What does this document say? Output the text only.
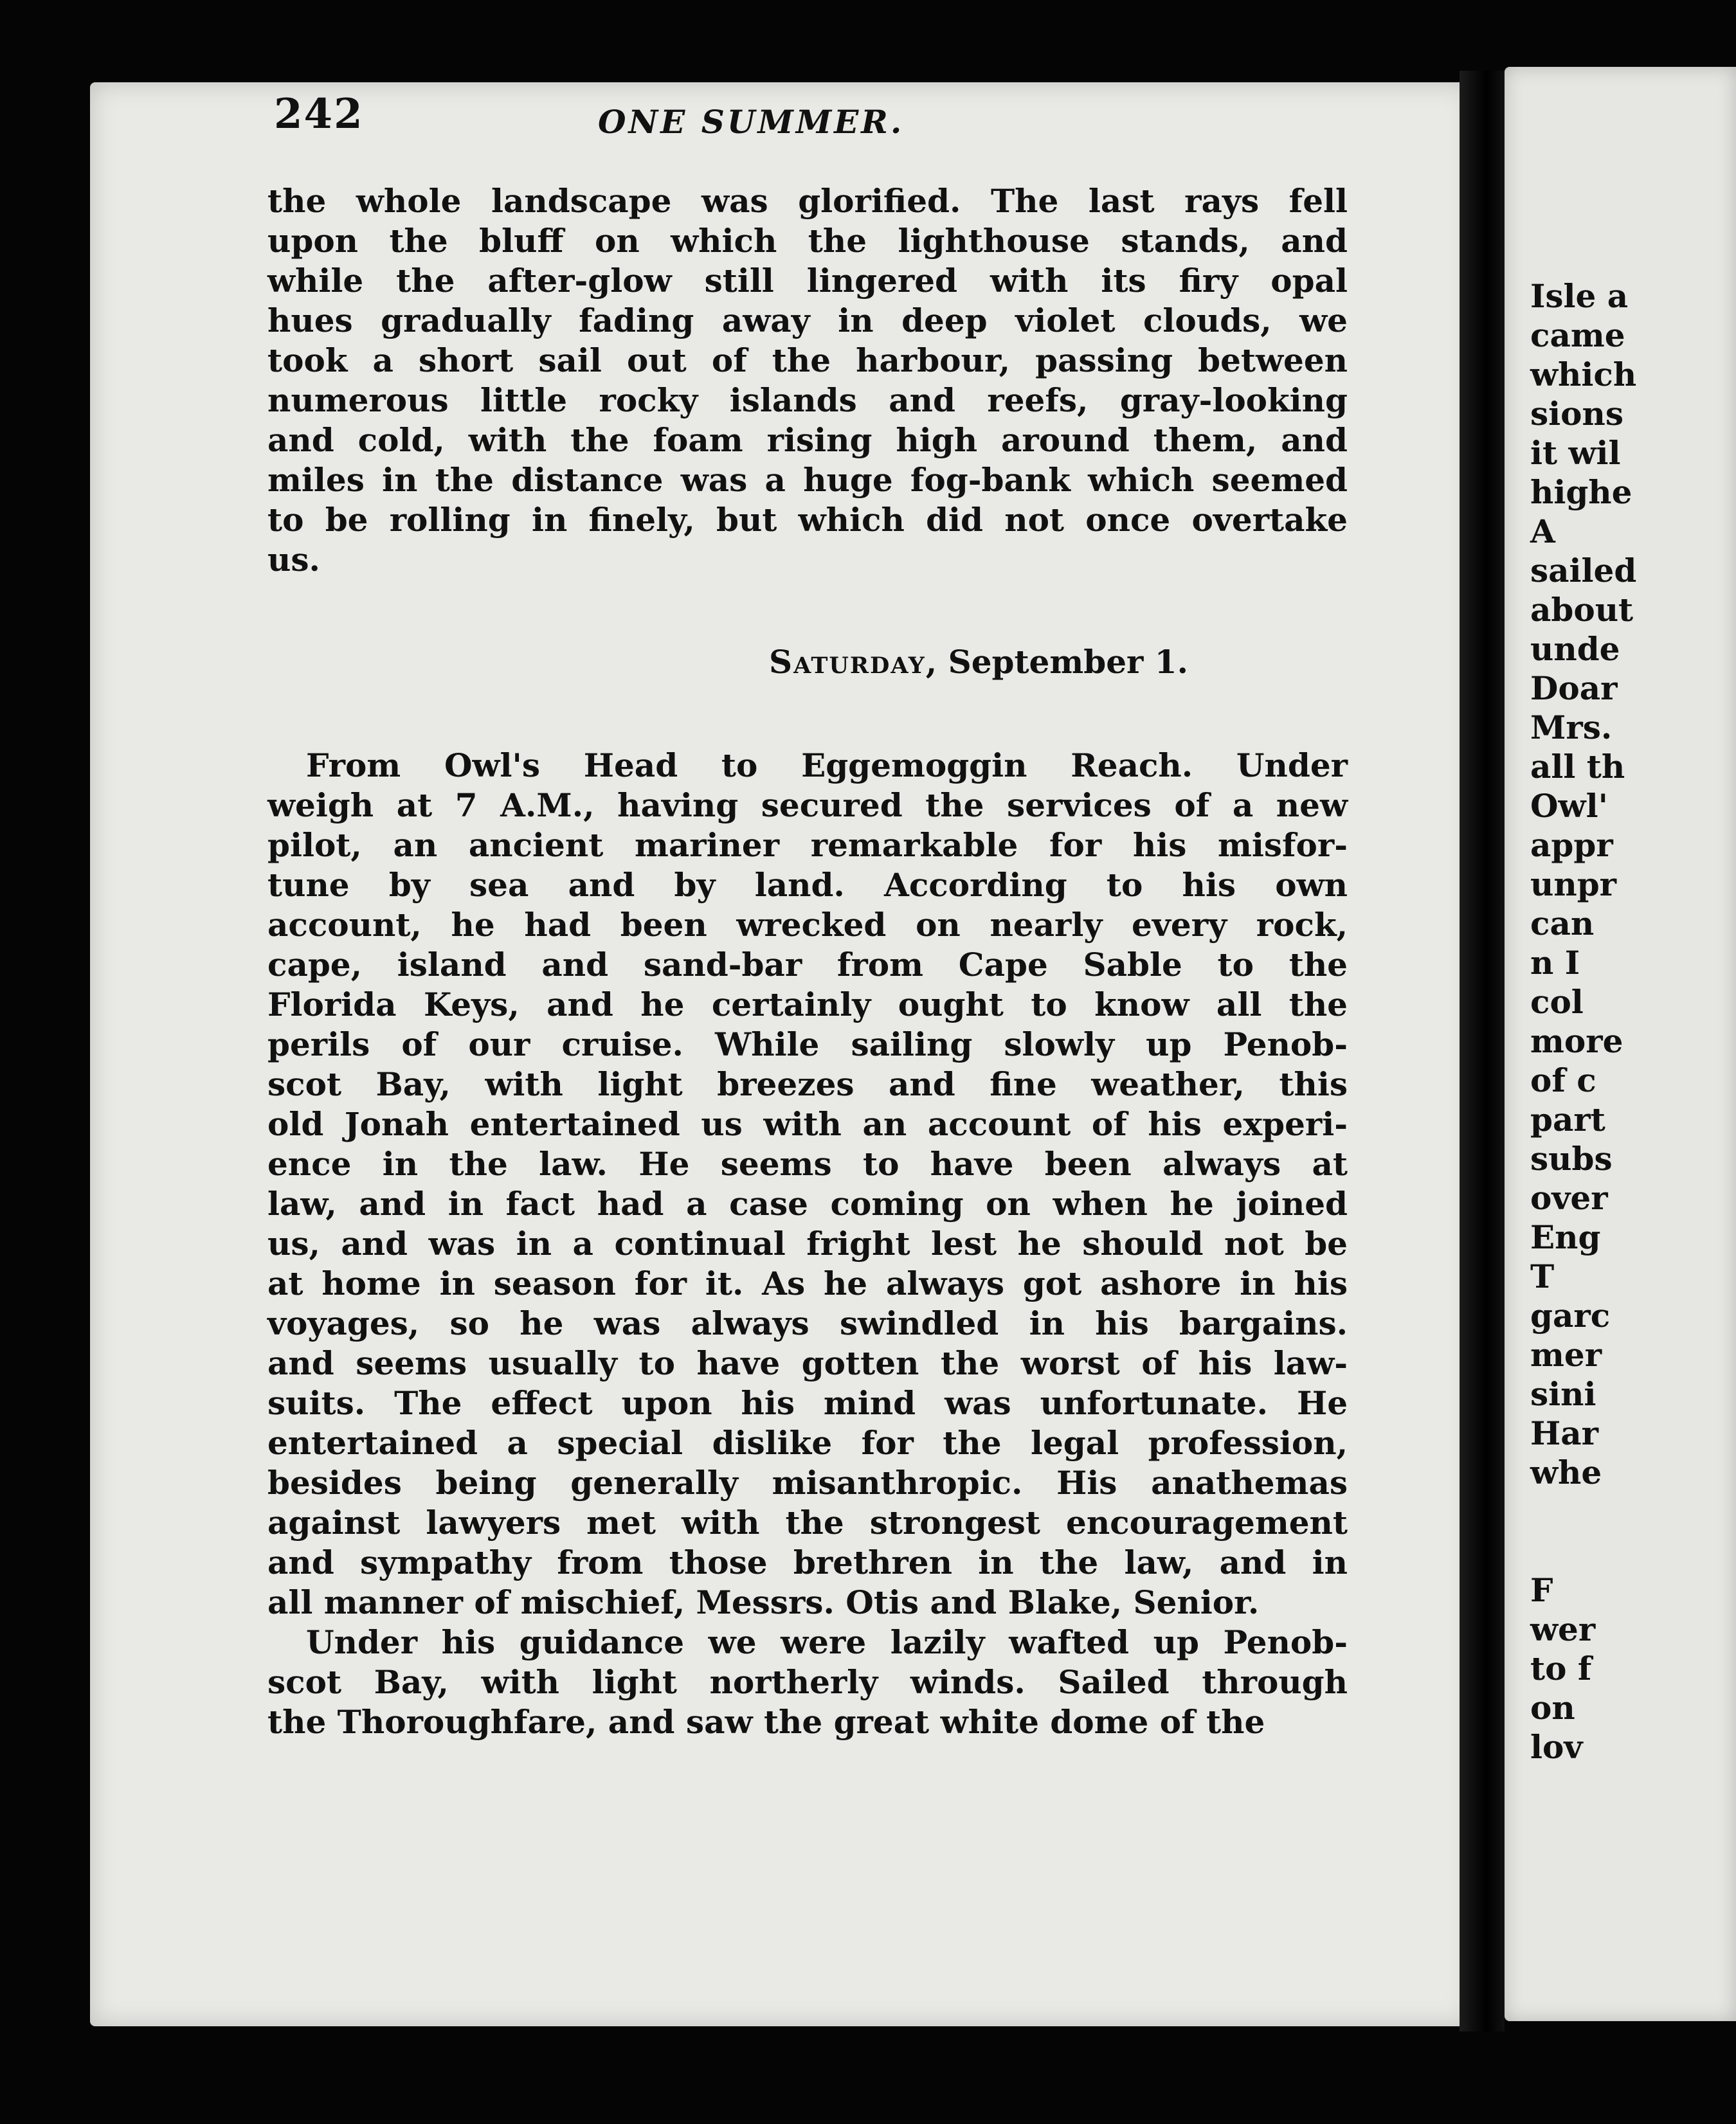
242	ONE SUMMER.
the whole landscape was glorified. The last rays fell
upon the bluff on which the lighthouse stands, and
while the after-glow still lingered with its firy opal
hues gradually fading away in deep violet clouds, we
took a short sail out of the harbour, passing between
numerous little rocky islands and reefs, gray-looking
and cold, with the foam rising high around them, and
miles in the distance was a huge fog-bank which seemed
to be rolling in finely, but which did not once overtake
us.
Saturday, September 1.
From Owl's Head to Eggemoggin Reach. Under
weigh at 7 A.M., having secured the services of a new
pilot, an ancient mariner remarkable for his misfor-
tune by sea and by land. According to his own
account, he had been wrecked on nearly every rock,
cape, island and sand-bar from Cape Sable to the
Florida Keys, and he certainly ought to know all the
perils of our cruise. While sailing slowly up Penob-
scot Bay, with light breezes and fine weather, this
old Jonah entertained us with an account of his experi-
ence in the law. He seems to have been always at
law, and in fact had a case coming on when he joined
us, and was in a continual fright lest he should not be
at home in season for it. As he always got ashore in his
voyages, so he was always swindled in his bargains.
and seems usually to have gotten the worst of his law-
suits. The effect upon his mind was unfortunate. He
entertained a special dislike for the legal profession,
besides being generally misanthropic. His anathemas
against lawyers met with the strongest encouragement
and sympathy from those brethren in the law, and in
all manner of mischief, Messrs. Otis and Blake, Senior.
Under his guidance we were lazily wafted up Penob-
scot Bay, with light northerly winds. Sailed through
the Thoroughfare, and saw the great white dome of the
Isle a
came
which
sions
it wil
highe
A
sailed
about
unde
Doar
Mrs.
all th
Owl'
appr
unpr
can
n I
col
more
of c
part
subs
over
Eng
T
garc
mer
sini
Har
whe
F
wer
to f
on
lov
